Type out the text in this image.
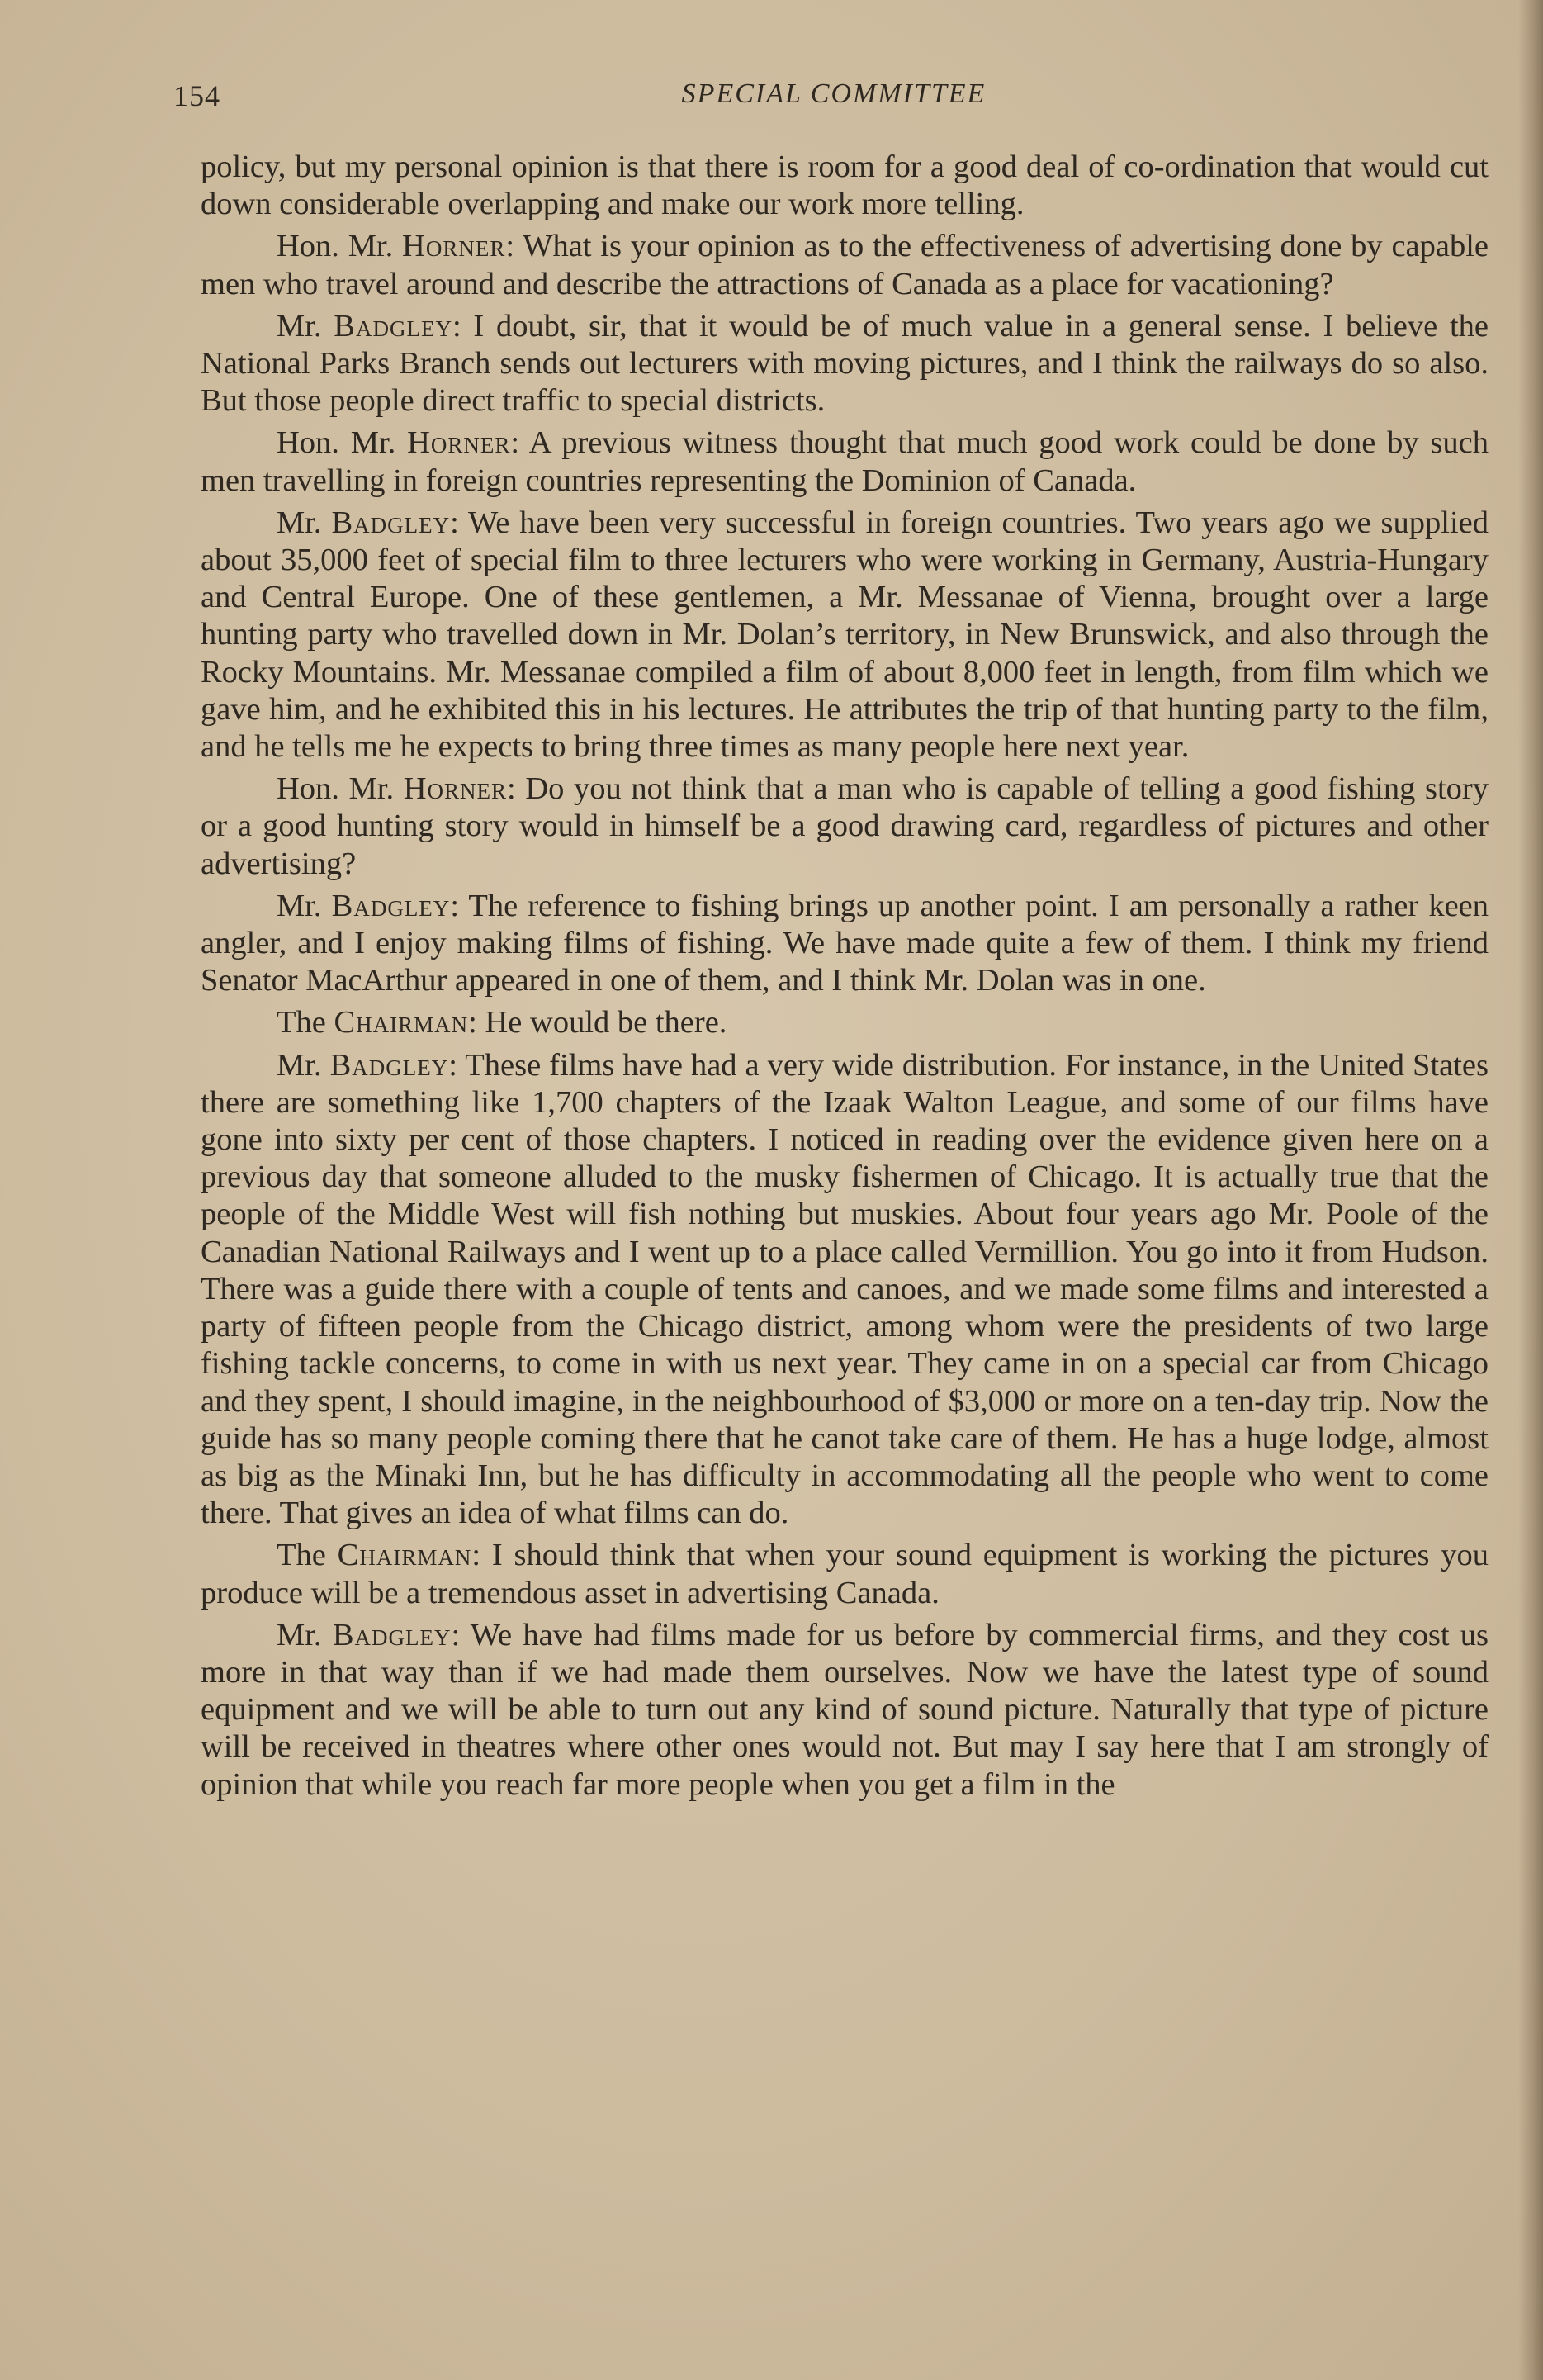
154	SPECIAL COMMITTEE

policy, but my personal opinion is that there is room for a good deal of co-ordination that would cut down considerable overlapping and make our work more telling.

Hon. Mr. Horner: What is your opinion as to the effectiveness of advertising done by capable men who travel around and describe the attractions of Canada as a place for vacationing?

Mr. Badgley: I doubt, sir, that it would be of much value in a general sense. I believe the National Parks Branch sends out lecturers with moving pictures, and I think the railways do so also. But those people direct traffic to special districts.

Hon. Mr. Horner: A previous witness thought that much good work could be done by such men travelling in foreign countries representing the Dominion of Canada.

Mr. Badgley: We have been very successful in foreign countries. Two years ago we supplied about 35,000 feet of special film to three lecturers who were working in Germany, Austria-Hungary and Central Europe. One of these gentlemen, a Mr. Messanae of Vienna, brought over a large hunting party who travelled down in Mr. Dolan’s territory, in New Brunswick, and also through the Rocky Mountains. Mr. Messanae compiled a film of about 8,000 feet in length, from film which we gave him, and he exhibited this in his lectures. He attributes the trip of that hunting party to the film, and he tells me he expects to bring three times as many people here next year.

Hon. Mr. Horner: Do you not think that a man who is capable of telling a good fishing story or a good hunting story would in himself be a good drawing card, regardless of pictures and other advertising?

Mr. Badgley: The reference to fishing brings up another point. I am personally a rather keen angler, and I enjoy making films of fishing. We have made quite a few of them. I think my friend Senator MacArthur appeared in one of them, and I think Mr. Dolan was in one.

The Chairman: He would be there.

Mr. Badgley: These films have had a very wide distribution. For instance, in the United States there are something like 1,700 chapters of the Izaak Walton League, and some of our films have gone into sixty per cent of those chapters. I noticed in reading over the evidence given here on a previous day that someone alluded to the musky fishermen of Chicago. It is actually true that the people of the Middle West will fish nothing but muskies. About four years ago Mr. Poole of the Canadian National Railways and I went up to a place called Vermillion. You go into it from Hudson. There was a guide there with a couple of tents and canoes, and we made some films and interested a party of fifteen people from the Chicago district, among whom were the presidents of two large fishing tackle concerns, to come in with us next year. They came in on a special car from Chicago and they spent, I should imagine, in the neighbourhood of $3,000 or more on a ten-day trip. Now the guide has so many people coming there that he canot take care of them. He has a huge lodge, almost as big as the Minaki Inn, but he has difficulty in accommodating all the people who went to come there. That gives an idea of what films can do.

The Chairman: I should think that when your sound equipment is working the pictures you produce will be a tremendous asset in advertising Canada.

Mr. Badgley: We have had films made for us before by commercial firms, and they cost us more in that way than if we had made them ourselves. Now we have the latest type of sound equipment and we will be able to turn out any kind of sound picture. Naturally that type of picture will be received in theatres where other ones would not. But may I say here that I am strongly of opinion that while you reach far more people when you get a film in the
